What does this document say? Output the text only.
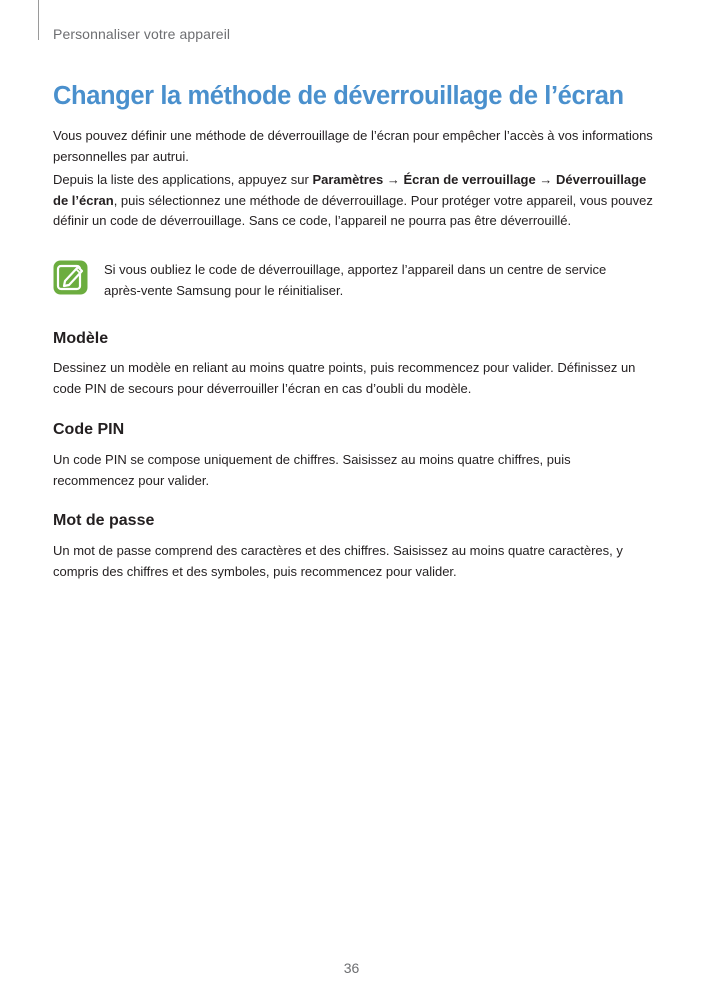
Personnaliser votre appareil
Changer la méthode de déverrouillage de l’écran

Vous pouvez définir une méthode de déverrouillage de l’écran pour empêcher l’accès à vos informations personnelles par autrui.

Depuis la liste des applications, appuyez sur Paramètres → Écran de verrouillage → Déverrouillage de l’écran, puis sélectionnez une méthode de déverrouillage. Pour protéger votre appareil, vous pouvez définir un code de déverrouillage. Sans ce code, l’appareil ne pourra pas être déverrouillé.

Si vous oubliez le code de déverrouillage, apportez l’appareil dans un centre de service après-vente Samsung pour le réinitialiser.
Modèle

Dessinez un modèle en reliant au moins quatre points, puis recommencez pour valider. Définissez un code PIN de secours pour déverrouiller l’écran en cas d’oubli du modèle.

Code PIN

Un code PIN se compose uniquement de chiffres. Saisissez au moins quatre chiffres, puis recommencez pour valider.

Mot de passe

Un mot de passe comprend des caractères et des chiffres. Saisissez au moins quatre caractères, y compris des chiffres et des symboles, puis recommencez pour valider.

36
